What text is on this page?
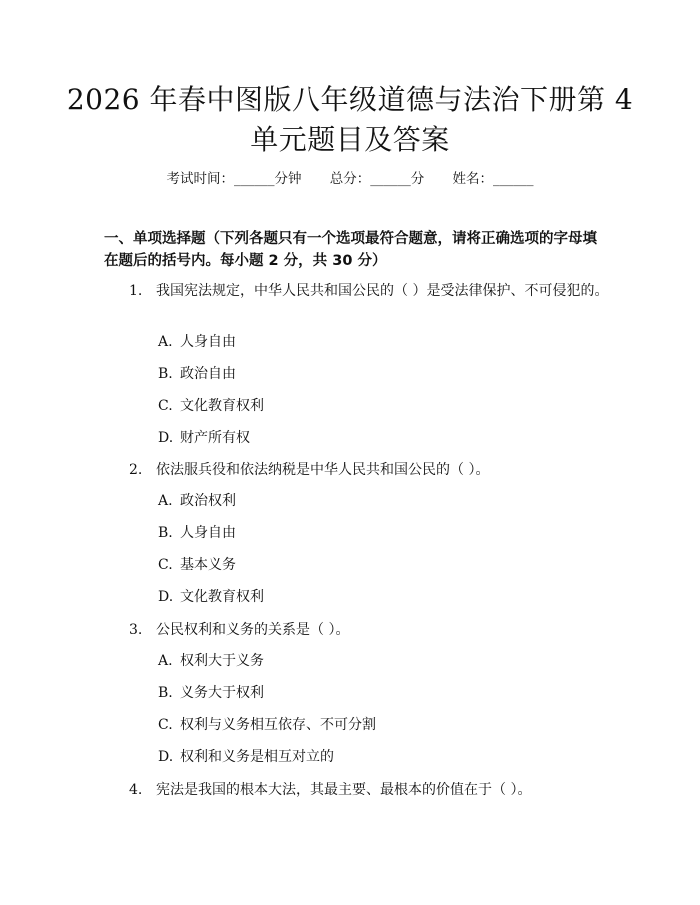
2026 年春中图版八年级道德与法治下册第 4
单元题目及答案
考试时间：______分钟 总分：______分 姓名：______
一、单项选择题（下列各题只有一个选项最符合题意，请将正确选项的字母填在题后的括号内。每小题 2 分，共 30 分）
1. 我国宪法规定，中华人民共和国公民的（ ）是受法律保护、不可侵犯的。
A. 人身自由
B. 政治自由
C. 文化教育权利
D. 财产所有权
2. 依法服兵役和依法纳税是中华人民共和国公民的（ ）。
A. 政治权利
B. 人身自由
C. 基本义务
D. 文化教育权利
3. 公民权利和义务的关系是（ ）。
A. 权利大于义务
B. 义务大于权利
C. 权利与义务相互依存、不可分割
D. 权利和义务是相互对立的
4. 宪法是我国的根本大法，其最主要、最根本的价值在于（ ）。
